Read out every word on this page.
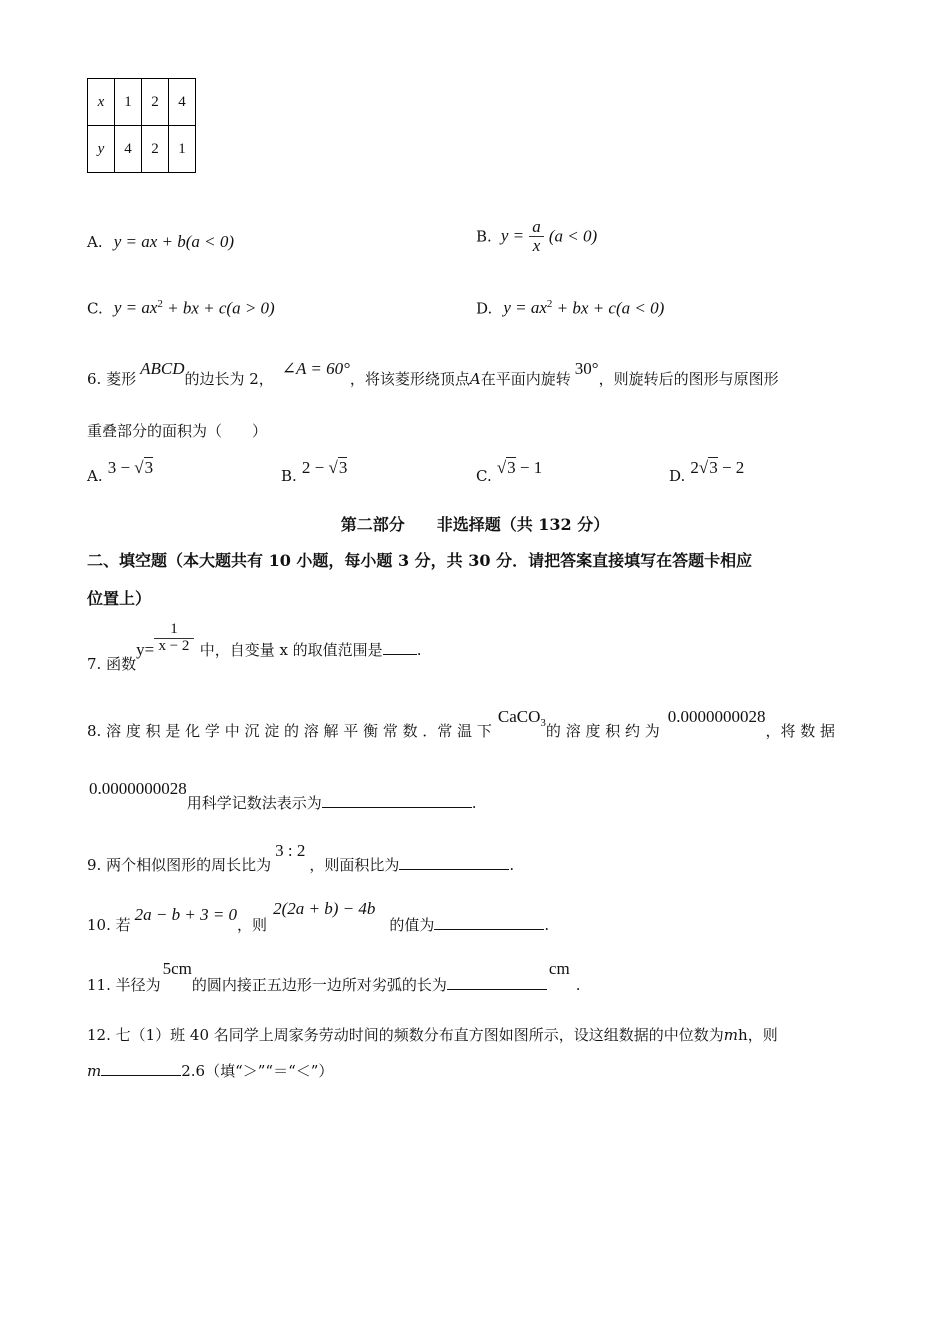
x	1	2	4
y	4	2	1
A. y = ax + b(a < 0)	B. $y = \frac{a}{x} (a < 0)$
C. $y = ax^2$ + bx + c(a > 0)	D. $y = ax^2$ + bx + c(a < 0)
6. 菱形ABCD的边长为 2，∠A = 60°，将该菱形绕顶点A在平面内旋转30°，则旋转后的图形与原图形
重叠部分的面积为（　　）
A. 3 − √3	B. 2 − √3	C. √3 − 1	D. 2√3 − 2
第二部分　　非选择题（共 132 分）
二、填空题（本大题共有 10 小题，每小题 3 分，共 30 分．请把答案直接填写在答题卡相应
位置上）
7. 函数$y= \frac{1}{x - 2}$ 中，自变量 x 的取值范围是 .
8. 溶 度 积 是 化 学 中 沉 淀 的 溶 解 平 衡 常 数 ．常 温 下CaCO$_3$的 溶 度 积 约 为0.0000000028，将 数 据
0.0000000028用科学记数法表示为	.
9. 两个相似图形的周长比为3 : 2，则面积比为	.
10. 若2a − b + 3 = 0，则2(2a + b) − 4b的值为	.
11. 半径为5cm的圆内接正五边形一边所对劣弧的长为cm.
12. 七（1）班 40 名同学上周家务劳动时间的频数分布直方图如图所示，设这组数据的中位数为mh，则
m	2.6（填“＞”“＝“＜”）
